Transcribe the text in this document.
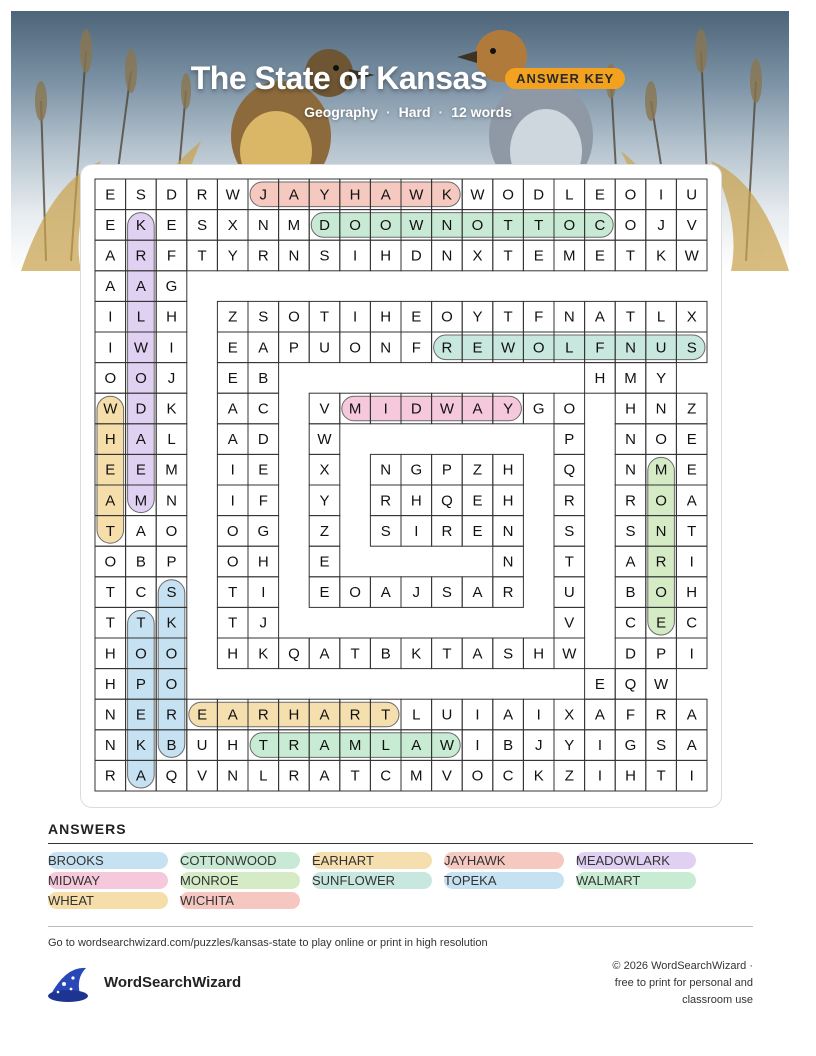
The State of Kansas ANSWER KEY
Geography · Hard · 12 words
E S D R W J A Y H A W K W O D L E O I U
E K E S X N M D O O W N O T T O C O J V
A R F T Y R N S I H D N X T E M E T K W
A A G
I L H	Z S O T I H E O Y T F N A T L X
I W I	E A P U O N F R E W O L F N U S
O O J	E B	H M Y
W D K	A C	V M I D W A Y G O	H N Z
H A L	A D	W	P	N O E
E E M	I E	X	N G P Z H	Q	N M E
A M N	I F	Y	R H Q E H	R	R O A
T A O	O G	Z	S I R E N	S	S N T
O B P	O H	E	N	T	A R I
T C S	T I	E O A J S A R	U	B O H
T T K	T J	V	C E C
H O O	H K Q A T B K T A S H W	D P I
H P O	E Q W
N E R E A R H A R T L U I A I X A F R A
N K B U H T R A M L A W I B J Y I G S A
R A Q V N L R A T C M V O C K Z I H T I
ANSWERS
BROOKS	COTTONWOOD	EARHART	JAYHAWK	MEADOWLARK
MIDWAY	MONROE	SUNFLOWER	TOPEKA	WALMART
WHEAT	WICHITA
Go to wordsearchwizard.com/puzzles/kansas-state to play online or print in high resolution
WordSearchWizard
© 2026 WordSearchWizard ·
free to print for personal and
classroom use
